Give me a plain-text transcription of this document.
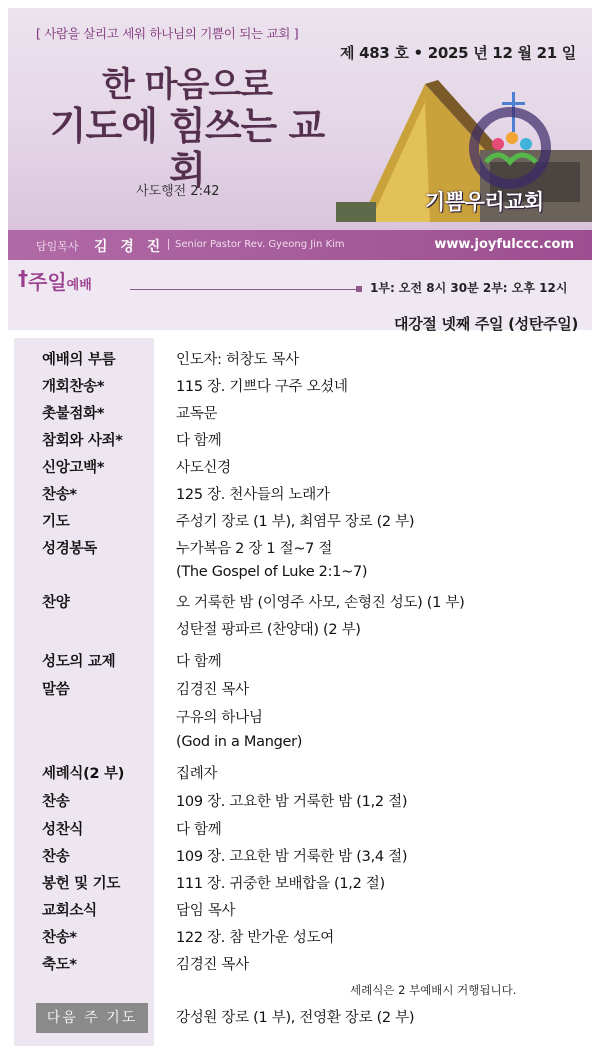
[ 사람을 살리고 세워 하나님의 기쁨이 되는 교회 ]
제 483 호 • 2025 년 12 월 21 일
한 마음으로
기도에 힘쓰는 교회
사도행전 2:42	기쁨우리교회
담임목사 김 경 진	Senior Pastor Rev. Gyeong Jin Kim	www.joyfulccc.com
†주일예배	1부: 오전 8시 30분 2부: 오후 12시
대강절 넷째 주일 (성탄주일)
예배의 부름	인도자: 허창도 목사
개회찬송*	115 장. 기쁘다 구주 오셨네
촛불점화*	교독문
참회와 사죄*	다 함께
신앙고백*	사도신경
찬송*	125 장. 천사들의 노래가
기도	주성기 장로 (1 부), 최염무 장로 (2 부)
성경봉독	누가복음 2 장 1 절~7 절
(The Gospel of Luke 2:1~7)
찬양	오 거룩한 밤 (이영주 사모, 손형진 성도) (1 부)
성탄절 팡파르 (찬양대) (2 부)
성도의 교제	다 함께
말씀	김경진 목사
구유의 하나님
(God in a Manger)
세례식(2 부)	집례자
찬송	109 장. 고요한 밤 거룩한 밤 (1,2 절)
성찬식	다 함께
찬송	109 장. 고요한 밤 거룩한 밤 (3,4 절)
봉헌 및 기도	111 장. 귀중한 보배합을 (1,2 절)
교회소식	담임 목사
찬송*	122 장. 참 반가운 성도여
축도*	김경진 목사
세례식은 2 부예배시 거행됩니다.
다음 주 기도	강성원 장로 (1 부), 전영환 장로 (2 부)
